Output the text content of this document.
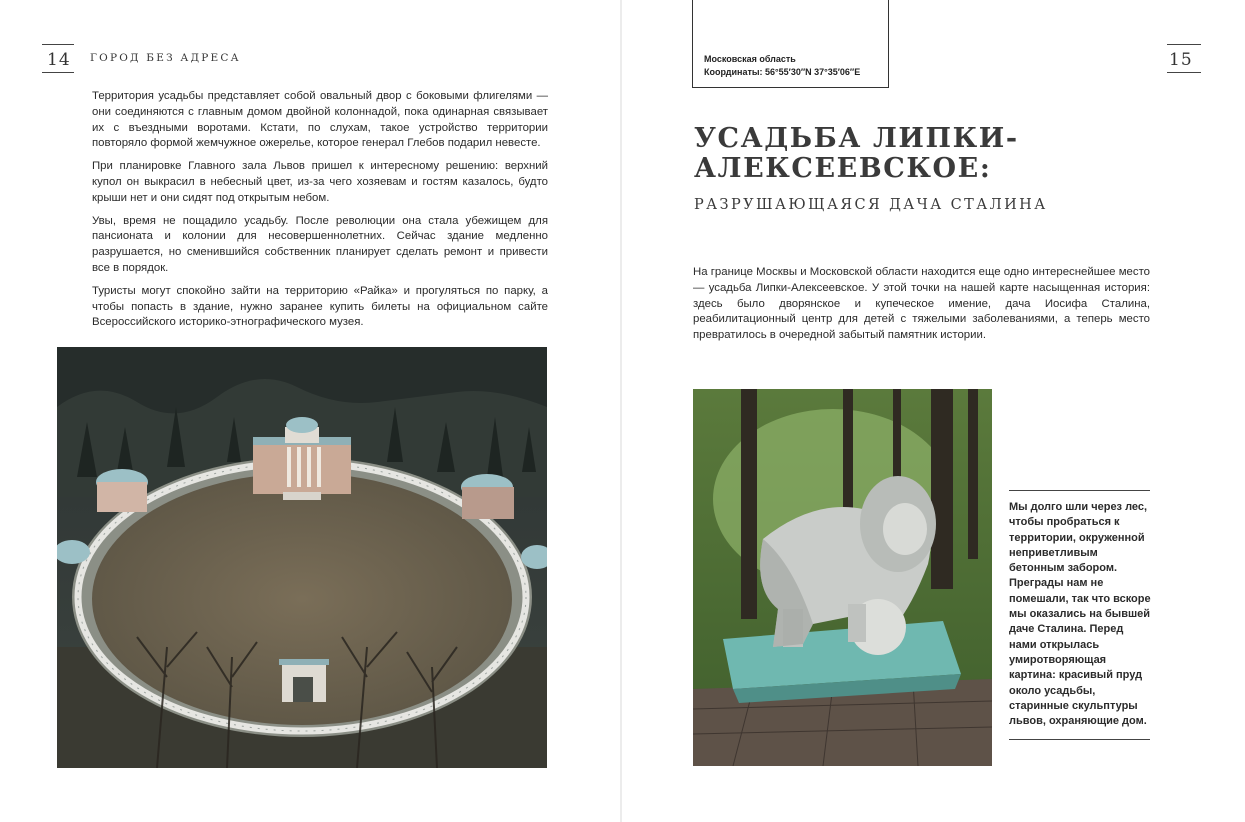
14 ГОРОД БЕЗ АДРЕСА

Территория усадьбы представляет собой овальный двор с боковыми флигелями — они соединяются с главным домом двойной колоннадой, пока одинарная связывает их с въездными воротами. Кстати, по слухам, такое устройство территории повторяло формой жемчужное ожерелье, которое генерал Глебов подарил невесте.

При планировке Главного зала Львов пришел к интересному решению: верхний купол он выкрасил в небесный цвет, из-за чего хозяевам и гостям казалось, будто крыши нет и они сидят под открытым небом.

Увы, время не пощадило усадьбу. После революции она стала убежищем для пансионата и колонии для несовершеннолетних. Сейчас здание медленно разрушается, но сменившийся собственник планирует сделать ремонт и привести все в порядок.

Туристы могут спокойно зайти на территорию «Райка» и прогуляться по парку, а чтобы попасть в здание, нужно заранее купить билеты на официальном сайте Всероссийского историко-этнографического музея.

Московская область
Координаты: 56°55′30″N 37°35′06″E
15
УСАДЬБА ЛИПКИ-
АЛЕКСЕЕВСКОЕ:
РАЗРУШАЮЩАЯСЯ ДАЧА СТАЛИНА

На границе Москвы и Московской области находится еще одно интереснейшее место — усадьба Липки-Алексеевское. У этой точки на нашей карте насыщенная история: здесь было дворянское и купеческое имение, дача Иосифа Сталина, реабилитационный центр для детей с тяжелыми заболеваниями, а теперь место превратилось в очередной забытый памятник истории.

Мы долго шли через лес, чтобы пробраться к территории, окруженной неприветливым бетонным забором. Преграды нам не помешали, так что вскоре мы оказались на бывшей даче Сталина. Перед нами открылась умиротворяющая картина: красивый пруд около усадьбы, старинные скульптуры львов, охраняющие дом.
